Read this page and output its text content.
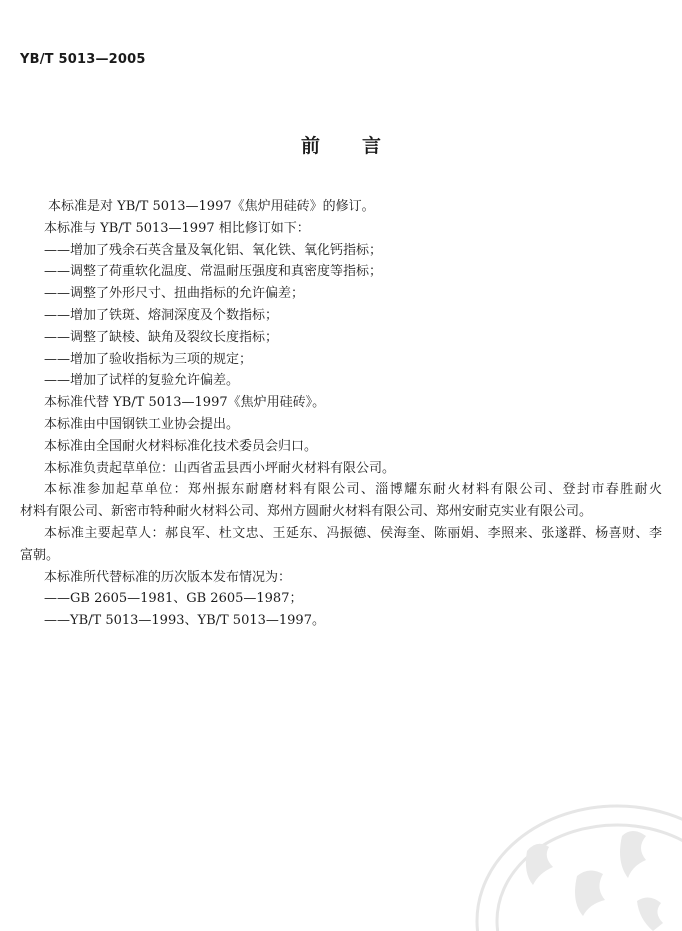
YB/T 5013—2005
前 言
本标准是对 YB/T 5013—1997《焦炉用硅砖》的修订。
本标准与 YB/T 5013—1997 相比修订如下：
——增加了残余石英含量及氧化铝、氧化铁、氧化钙指标；
——调整了荷重软化温度、常温耐压强度和真密度等指标；
——调整了外形尺寸、扭曲指标的允许偏差；
——增加了铁斑、熔洞深度及个数指标；
——调整了缺棱、缺角及裂纹长度指标；
——增加了验收指标为三项的规定；
——增加了试样的复验允许偏差。
本标准代替 YB/T 5013—1997《焦炉用硅砖》。
本标准由中国钢铁工业协会提出。
本标准由全国耐火材料标准化技术委员会归口。
本标准负责起草单位：山西省盂县西小坪耐火材料有限公司。
本标准参加起草单位：郑州振东耐磨材料有限公司、淄博耀东耐火材料有限公司、登封市春胜耐火
材料有限公司、新密市特种耐火材料公司、郑州方圆耐火材料有限公司、郑州安耐克实业有限公司。
本标准主要起草人：郝良军、杜文忠、王延东、冯振德、侯海奎、陈丽娟、李照来、张遂群、杨喜财、李
富朝。
本标准所代替标准的历次版本发布情况为：
——GB 2605—1981、GB 2605—1987；
——YB/T 5013—1993、YB/T 5013—1997。
